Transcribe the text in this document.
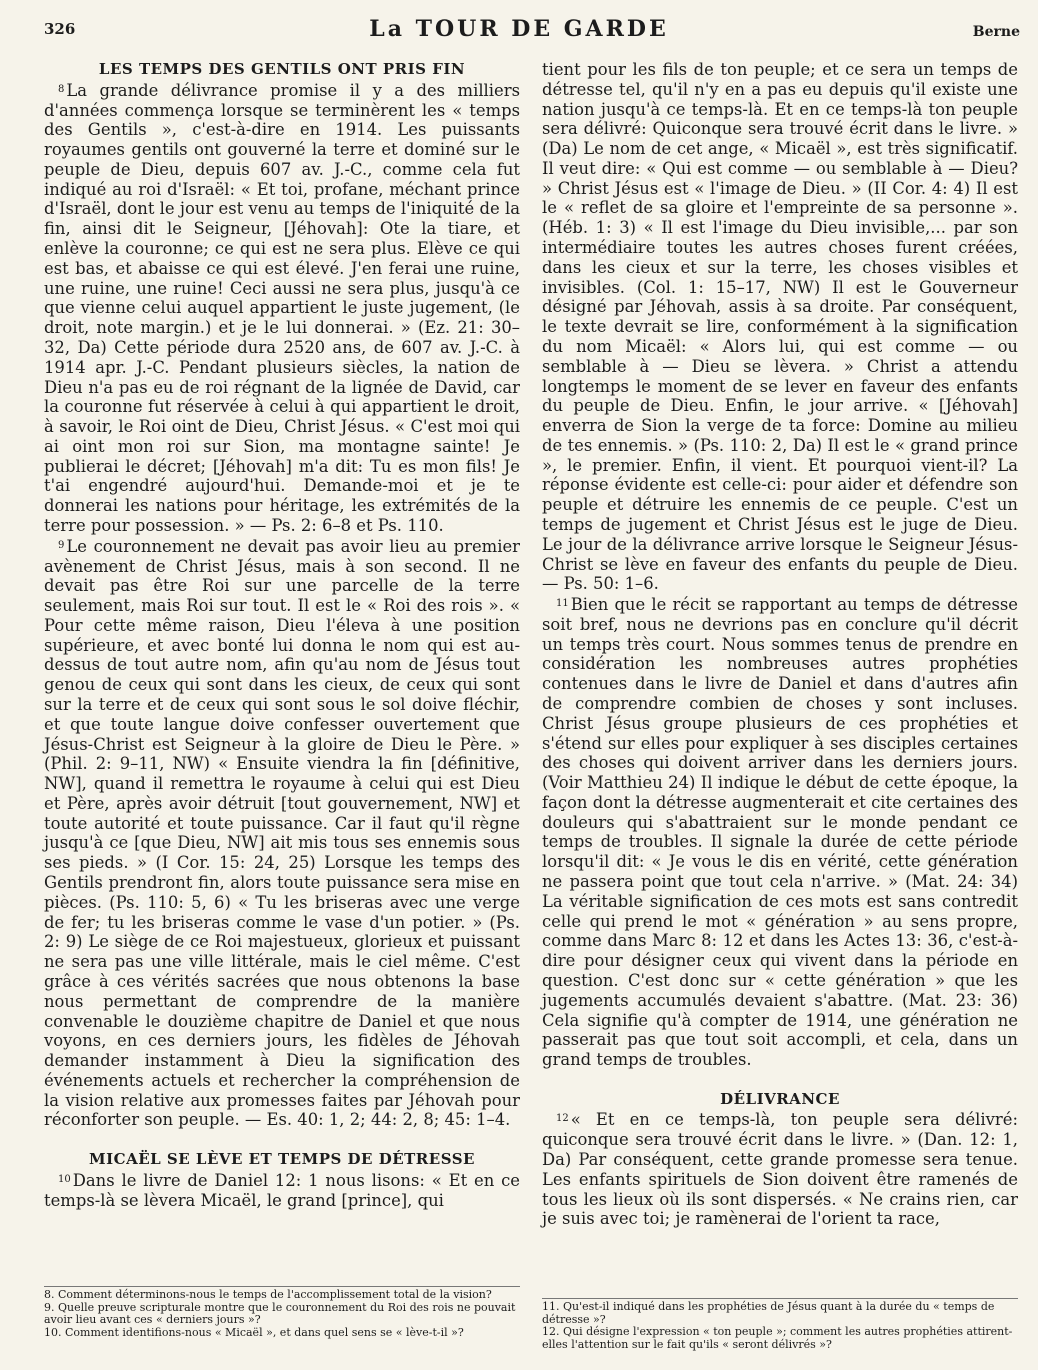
326	La TOUR DE GARDE	Berne
LES TEMPS DES GENTILS ONT PRIS FIN

$^8$ La grande délivrance promise il y a des milliers d'années commença lorsque se terminèrent les « temps des Gentils », c'est-à-dire en 1914. Les puissants royaumes gentils ont gouverné la terre et dominé sur le peuple de Dieu, depuis 607 av. J.-C., comme cela fut indiqué au roi d'Israël: « Et toi, profane, méchant prince d'Israël, dont le jour est venu au temps de l'iniquité de la fin, ainsi dit le Seigneur, [Jéhovah]: Ote la tiare, et enlève la couronne; ce qui est ne sera plus. Elève ce qui est bas, et abaisse ce qui est élevé. J'en ferai une ruine, une ruine, une ruine! Ceci aussi ne sera plus, jusqu'à ce que vienne celui auquel appartient le juste jugement, (le droit, note margin.) et je le lui donnerai. » (Ez. 21: 30–32, Da) Cette période dura 2520 ans, de 607 av. J.-C. à 1914 apr. J.-C. Pendant plusieurs siècles, la nation de Dieu n'a pas eu de roi régnant de la lignée de David, car la couronne fut réservée à celui à qui appartient le droit, à savoir, le Roi oint de Dieu, Christ Jésus. « C'est moi qui ai oint mon roi sur Sion, ma montagne sainte! Je publierai le décret; [Jéhovah] m'a dit: Tu es mon fils! Je t'ai engendré aujourd'hui. Demande-moi et je te donnerai les nations pour héritage, les extrémités de la terre pour possession. » — Ps. 2: 6–8 et Ps. 110.

$^9$ Le couronnement ne devait pas avoir lieu au premier avènement de Christ Jésus, mais à son second. Il ne devait pas être Roi sur une parcelle de la terre seulement, mais Roi sur tout. Il est le « Roi des rois ». « Pour cette même raison, Dieu l'éleva à une position supérieure, et avec bonté lui donna le nom qui est au-dessus de tout autre nom, afin qu'au nom de Jésus tout genou de ceux qui sont dans les cieux, de ceux qui sont sur la terre et de ceux qui sont sous le sol doive fléchir, et que toute langue doive confesser ouvertement que Jésus-Christ est Seigneur à la gloire de Dieu le Père. » (Phil. 2: 9–11, NW) « Ensuite viendra la fin [définitive, NW], quand il remettra le royaume à celui qui est Dieu et Père, après avoir détruit [tout gouvernement, NW] et toute autorité et toute puissance. Car il faut qu'il règne jusqu'à ce [que Dieu, NW] ait mis tous ses ennemis sous ses pieds. » (I Cor. 15: 24, 25) Lorsque les temps des Gentils prendront fin, alors toute puissance sera mise en pièces. (Ps. 110: 5, 6) « Tu les briseras avec une verge de fer; tu les briseras comme le vase d'un potier. » (Ps. 2: 9) Le siège de ce Roi majestueux, glorieux et puissant ne sera pas une ville littérale, mais le ciel même. C'est grâce à ces vérités sacrées que nous obtenons la base nous permettant de comprendre de la manière convenable le douzième chapitre de Daniel et que nous voyons, en ces derniers jours, les fidèles de Jéhovah demander instamment à Dieu la signification des événements actuels et rechercher la compréhension de la vision relative aux promesses faites par Jéhovah pour réconforter son peuple. — Es. 40: 1, 2; 44: 2, 8; 45: 1–4.

MICAËL SE LÈVE ET TEMPS DE DÉTRESSE

$^{10}$ Dans le livre de Daniel 12: 1 nous lisons: « Et en ce temps-là se lèvera Micaël, le grand [prince], qui

tient pour les fils de ton peuple; et ce sera un temps de détresse tel, qu'il n'y en a pas eu depuis qu'il existe une nation jusqu'à ce temps-là. Et en ce temps-là ton peuple sera délivré: Quiconque sera trouvé écrit dans le livre. » (Da) Le nom de cet ange, « Micaël », est très significatif. Il veut dire: « Qui est comme — ou semblable à — Dieu? » Christ Jésus est « l'image de Dieu. » (II Cor. 4: 4) Il est le « reflet de sa gloire et l'empreinte de sa personne ». (Héb. 1: 3) « Il est l'image du Dieu invisible,... par son intermédiaire toutes les autres choses furent créées, dans les cieux et sur la terre, les choses visibles et invisibles. (Col. 1: 15–17, NW) Il est le Gouverneur désigné par Jéhovah, assis à sa droite. Par conséquent, le texte devrait se lire, conformément à la signification du nom Micaël: « Alors lui, qui est comme — ou semblable à — Dieu se lèvera. » Christ a attendu longtemps le moment de se lever en faveur des enfants du peuple de Dieu. Enfin, le jour arrive. « [Jéhovah] enverra de Sion la verge de ta force: Domine au milieu de tes ennemis. » (Ps. 110: 2, Da) Il est le « grand prince », le premier. Enfin, il vient. Et pourquoi vient-il? La réponse évidente est celle-ci: pour aider et défendre son peuple et détruire les ennemis de ce peuple. C'est un temps de jugement et Christ Jésus est le juge de Dieu. Le jour de la délivrance arrive lorsque le Seigneur Jésus-Christ se lève en faveur des enfants du peuple de Dieu. — Ps. 50: 1–6.

$^{11}$ Bien que le récit se rapportant au temps de détresse soit bref, nous ne devrions pas en conclure qu'il décrit un temps très court. Nous sommes tenus de prendre en considération les nombreuses autres prophéties contenues dans le livre de Daniel et dans d'autres afin de comprendre combien de choses y sont incluses. Christ Jésus groupe plusieurs de ces prophéties et s'étend sur elles pour expliquer à ses disciples certaines des choses qui doivent arriver dans les derniers jours. (Voir Matthieu 24) Il indique le début de cette époque, la façon dont la détresse augmenterait et cite certaines des douleurs qui s'abattraient sur le monde pendant ce temps de troubles. Il signale la durée de cette période lorsqu'il dit: « Je vous le dis en vérité, cette génération ne passera point que tout cela n'arrive. » (Mat. 24: 34) La véritable signification de ces mots est sans contredit celle qui prend le mot « génération » au sens propre, comme dans Marc 8: 12 et dans les Actes 13: 36, c'est-à-dire pour désigner ceux qui vivent dans la période en question. C'est donc sur « cette génération » que les jugements accumulés devaient s'abattre. (Mat. 23: 36) Cela signifie qu'à compter de 1914, une génération ne passerait pas que tout soit accompli, et cela, dans un grand temps de troubles.

DÉLIVRANCE

$^{12}$ « Et en ce temps-là, ton peuple sera délivré: quiconque sera trouvé écrit dans le livre. » (Dan. 12: 1, Da) Par conséquent, cette grande promesse sera tenue. Les enfants spirituels de Sion doivent être ramenés de tous les lieux où ils sont dispersés. « Ne crains rien, car je suis avec toi; je ramènerai de l'orient ta race,

8. Comment déterminons-nous le temps de l'accomplissement total de la vision?
9. Quelle preuve scripturale montre que le couronnement du Roi des rois ne pouvait avoir lieu avant ces « derniers jours »?
10. Comment identifions-nous « Micaël », et dans quel sens se « lève-t-il »?
11. Qu'est-il indiqué dans les prophéties de Jésus quant à la durée du « temps de détresse »?
12. Qui désigne l'expression « ton peuple »; comment les autres prophéties attirent-elles l'attention sur le fait qu'ils « seront délivrés »?
